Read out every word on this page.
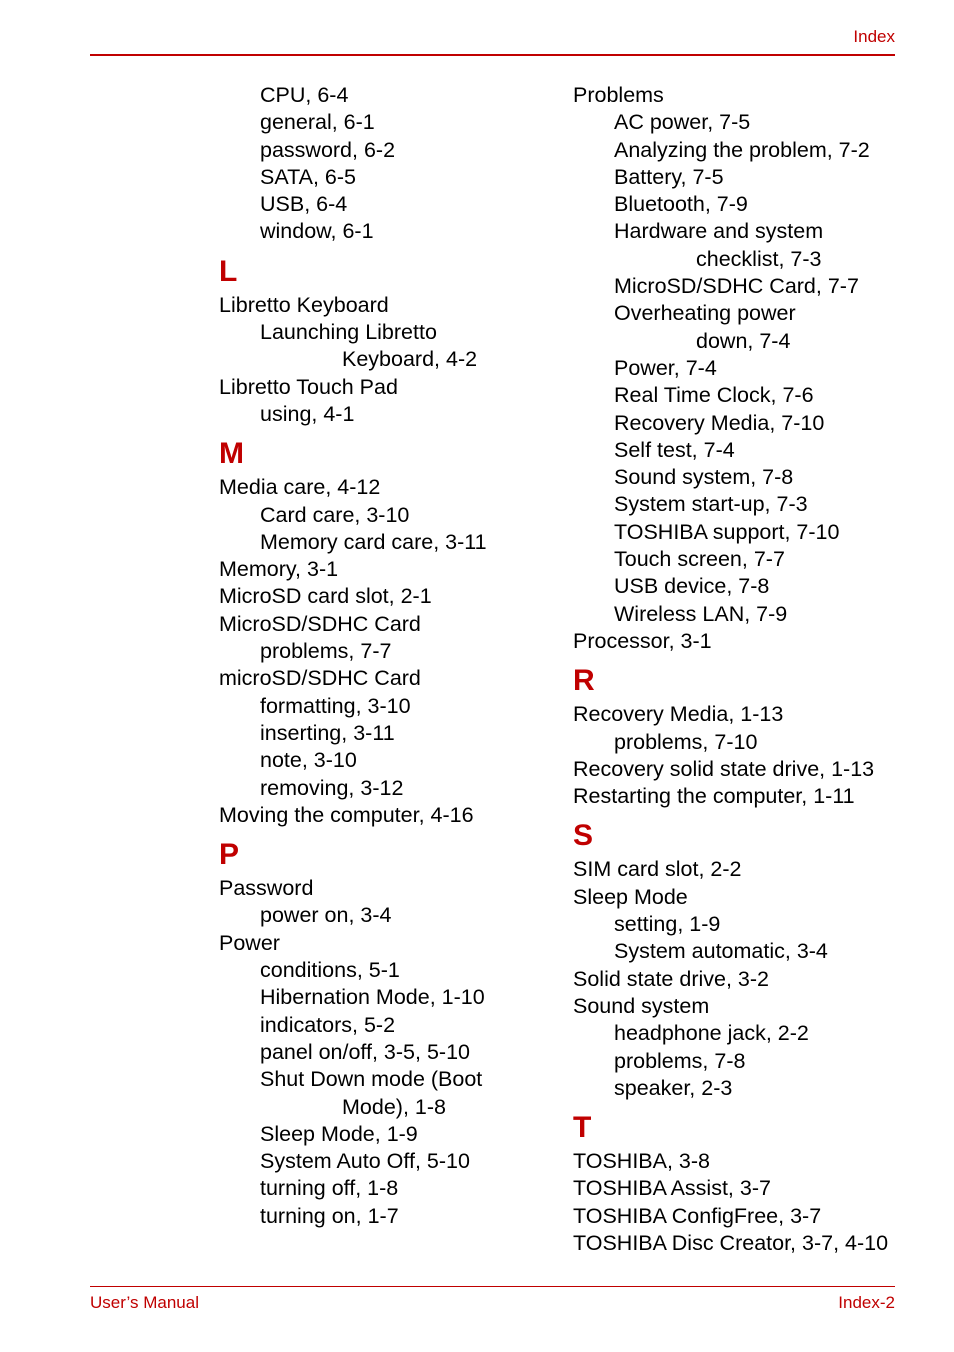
Index
CPU, 6-4
general, 6-1
password, 6-2
SATA, 6-5
USB, 6-4
window, 6-1
L
Libretto Keyboard
Launching Libretto
Keyboard, 4-2
Libretto Touch Pad
using, 4-1
M
Media care, 4-12
Card care, 3-10
Memory card care, 3-11
Memory, 3-1
MicroSD card slot, 2-1
MicroSD/SDHC Card
problems, 7-7
microSD/SDHC Card
formatting, 3-10
inserting, 3-11
note, 3-10
removing, 3-12
Moving the computer, 4-16
P
Password
power on, 3-4
Power
conditions, 5-1
Hibernation Mode, 1-10
indicators, 5-2
panel on/off, 3-5, 5-10
Shut Down mode (Boot
Mode), 1-8
Sleep Mode, 1-9
System Auto Off, 5-10
turning off, 1-8
turning on, 1-7
Problems
AC power, 7-5
Analyzing the problem, 7-2
Battery, 7-5
Bluetooth, 7-9
Hardware and system
checklist, 7-3
MicroSD/SDHC Card, 7-7
Overheating power
down, 7-4
Power, 7-4
Real Time Clock, 7-6
Recovery Media, 7-10
Self test, 7-4
Sound system, 7-8
System start-up, 7-3
TOSHIBA support, 7-10
Touch screen, 7-7
USB device, 7-8
Wireless LAN, 7-9
Processor, 3-1
R
Recovery Media, 1-13
problems, 7-10
Recovery solid state drive, 1-13
Restarting the computer, 1-11
S
SIM card slot, 2-2
Sleep Mode
setting, 1-9
System automatic, 3-4
Solid state drive, 3-2
Sound system
headphone jack, 2-2
problems, 7-8
speaker, 2-3
T
TOSHIBA, 3-8
TOSHIBA Assist, 3-7
TOSHIBA ConfigFree, 3-7
TOSHIBA Disc Creator, 3-7, 4-10
User’s Manual	Index-2
